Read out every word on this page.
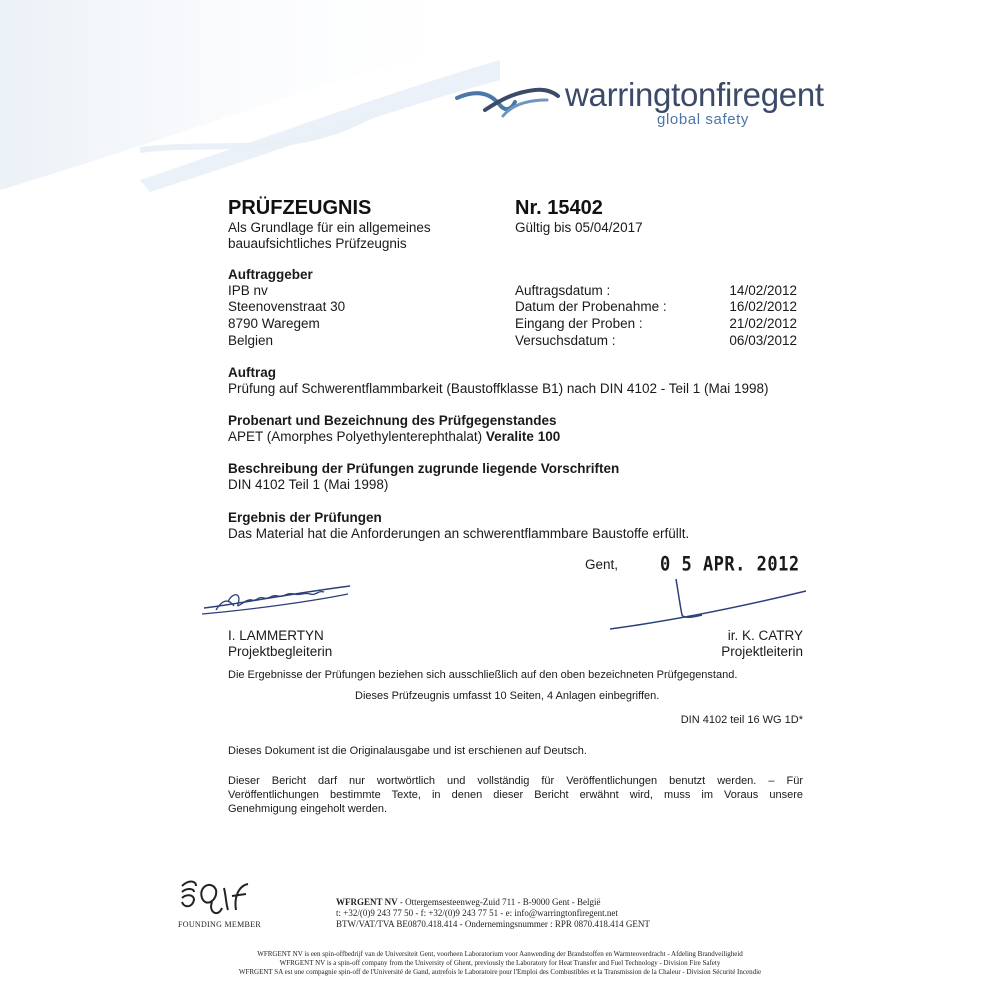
warringtonfiregent
global safety
PRÜFZEUGNIS
Als Grundlage für ein allgemeines
bauaufsichtliches Prüfzeugnis
Nr. 15402
Gültig bis 05/04/2017
Auftraggeber
IPB nv
Steenovenstraat 30
8790 Waregem
Belgien
Auftragsdatum :	14/02/2012
Datum der Probenahme :	16/02/2012
Eingang der Proben :	21/02/2012
Versuchsdatum :	06/03/2012
Auftrag
Prüfung auf Schwerentflammbarkeit (Baustoffklasse B1) nach DIN 4102 - Teil 1 (Mai 1998)
Probenart und Bezeichnung des Prüfgegenstandes
APET (Amorphes Polyethylenterephthalat) Veralite 100
Beschreibung der Prüfungen zugrunde liegende Vorschriften
DIN 4102 Teil 1 (Mai 1998)
Ergebnis der Prüfungen
Das Material hat die Anforderungen an schwerentflammbare Baustoffe erfüllt.
Gent, 0 5 APR. 2012
I. LAMMERTYN
Projektbegleiterin
ir. K. CATRY
Projektleiterin
Die Ergebnisse der Prüfungen beziehen sich ausschließlich auf den oben bezeichneten Prüfgegenstand.
Dieses Prüfzeugnis umfasst 10 Seiten, 4 Anlagen einbegriffen.
DIN 4102 teil 16 WG 1D*
Dieses Dokument ist die Originalausgabe und ist erschienen auf Deutsch.
Dieser Bericht darf nur wortwörtlich und vollständig für Veröffentlichungen benutzt werden. – Für
Veröffentlichungen bestimmte Texte, in denen dieser Bericht erwähnt wird, muss im Voraus unsere
Genehmigung eingeholt werden.
FOUNDING MEMBER
WFRGENT NV - Ottergemsesteenweg-Zuid 711 - B-9000 Gent - België
t: +32/(0)9 243 77 50 - f: +32/(0)9 243 77 51 - e: info@warringtonfiregent.net
BTW/VAT/TVA BE0870.418.414 - Ondernemingsnummer : RPR 0870.418.414 GENT
WFRGENT NV is een spin-offbedrijf van de Universiteit Gent, voorheen Laboratorium voor Aanwending der Brandstoffen en Warmteoverdracht - Afdeling Brandveiligheid
WFRGENT NV is a spin-off company from the University of Ghent, previously the Laboratory for Heat Transfer and Fuel Technology - Division Fire Safety
WFRGENT SA est une compagnie spin-off de l'Université de Gand, autrefois le Laboratoire pour l'Emploi des Combustibles et la Transmission de la Chaleur - Division Sécurité Incendie
